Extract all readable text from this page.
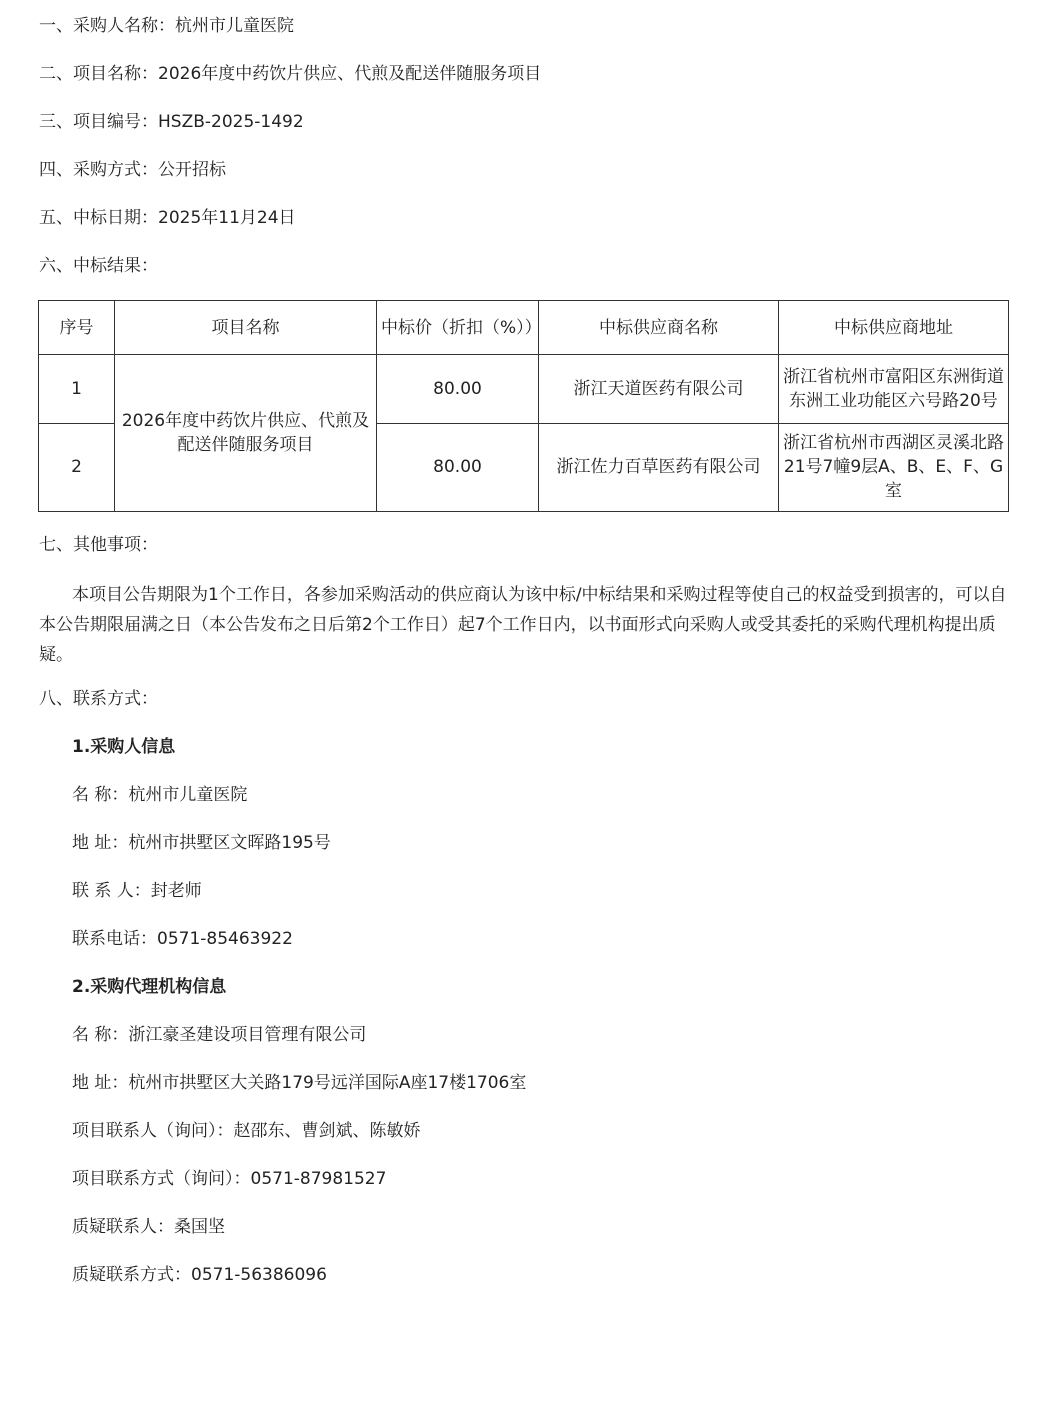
一、采购人名称：杭州市儿童医院
二、项目名称：2026年度中药饮片供应、代煎及配送伴随服务项目
三、项目编号：HSZB-2025-1492
四、采购方式：公开招标
五、中标日期：2025年11月24日
六、中标结果：
序号	项目名称	中标价（折扣（%））	中标供应商名称	中标供应商地址
1	2026年度中药饮片供应、代煎及配送伴随服务项目	80.00	浙江天道医药有限公司	浙江省杭州市富阳区东洲街道东洲工业功能区六号路20号
2		80.00	浙江佐力百草医药有限公司	浙江省杭州市西湖区灵溪北路21号7幢9层A、B、E、F、G室
七、其他事项：
本项目公告期限为1个工作日，各参加采购活动的供应商认为该中标/中标结果和采购过程等使自己的权益受到损害的，可以自本公告期限届满之日（本公告发布之日后第2个工作日）起7个工作日内，以书面形式向采购人或受其委托的采购代理机构提出质疑。
八、联系方式：
1.采购人信息
名 称：杭州市儿童医院
地 址：杭州市拱墅区文晖路195号
联 系 人：封老师
联系电话：0571-85463922
2.采购代理机构信息
名 称：浙江豪圣建设项目管理有限公司
地 址：杭州市拱墅区大关路179号远洋国际A座17楼1706室
项目联系人（询问）：赵邵东、曹剑斌、陈敏娇
项目联系方式（询问）：0571-87981527
质疑联系人：桑国坚
质疑联系方式：0571-56386096
